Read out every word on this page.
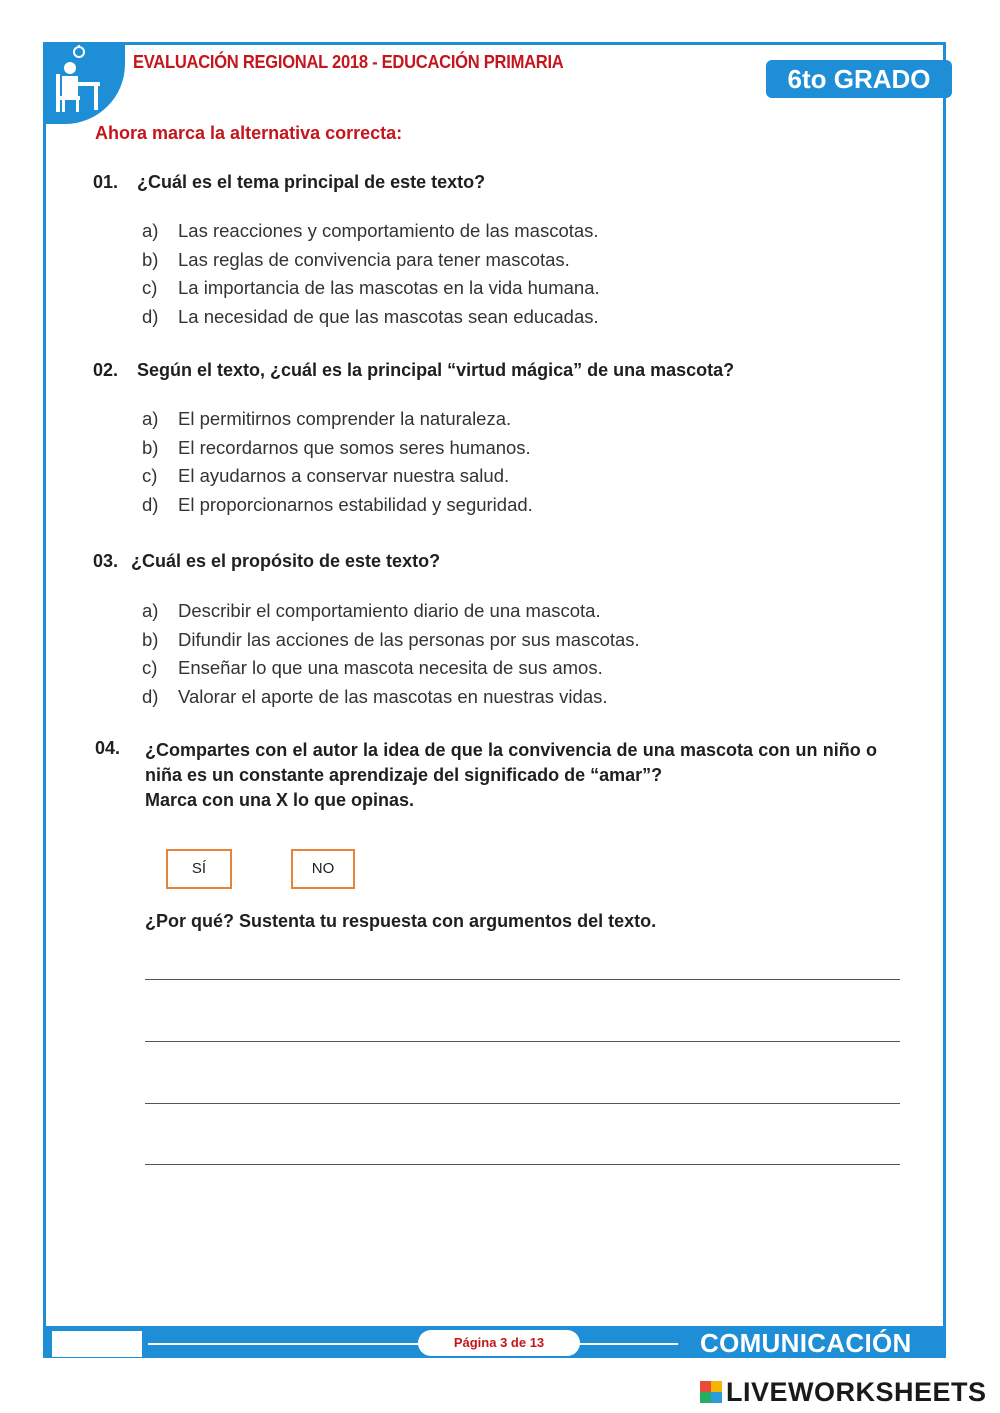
EVALUACIÓN REGIONAL 2018 - EDUCACIÓN PRIMARIA
6to GRADO
Ahora marca la alternativa correcta:
01. ¿Cuál es el tema principal de este texto?
a) Las reacciones y comportamiento de las mascotas.
b) Las reglas de convivencia para tener mascotas.
c) La importancia de las mascotas en la vida humana.
d) La necesidad de que las mascotas sean educadas.
02. Según el texto, ¿cuál es la principal “virtud mágica” de una mascota?
a) El permitirnos comprender la naturaleza.
b) El recordarnos que somos seres humanos.
c) El ayudarnos a conservar nuestra salud.
d) El proporcionarnos estabilidad y seguridad.
03. ¿Cuál es el propósito de este texto?
a) Describir el comportamiento diario de una mascota.
b) Difundir las acciones de las personas por sus mascotas.
c) Enseñar lo que una mascota necesita de sus amos.
d) Valorar el aporte de las mascotas en nuestras vidas.
04. ¿Compartes con el autor la idea de que la convivencia de una mascota con un niño o niña es un constante aprendizaje del significado de “amar”?
Marca con una X lo que opinas.
SÍ	NO
¿Por qué? Sustenta tu respuesta con argumentos del texto.
Página 3 de 13	COMUNICACIÓN
LIVEWORKSHEETS
